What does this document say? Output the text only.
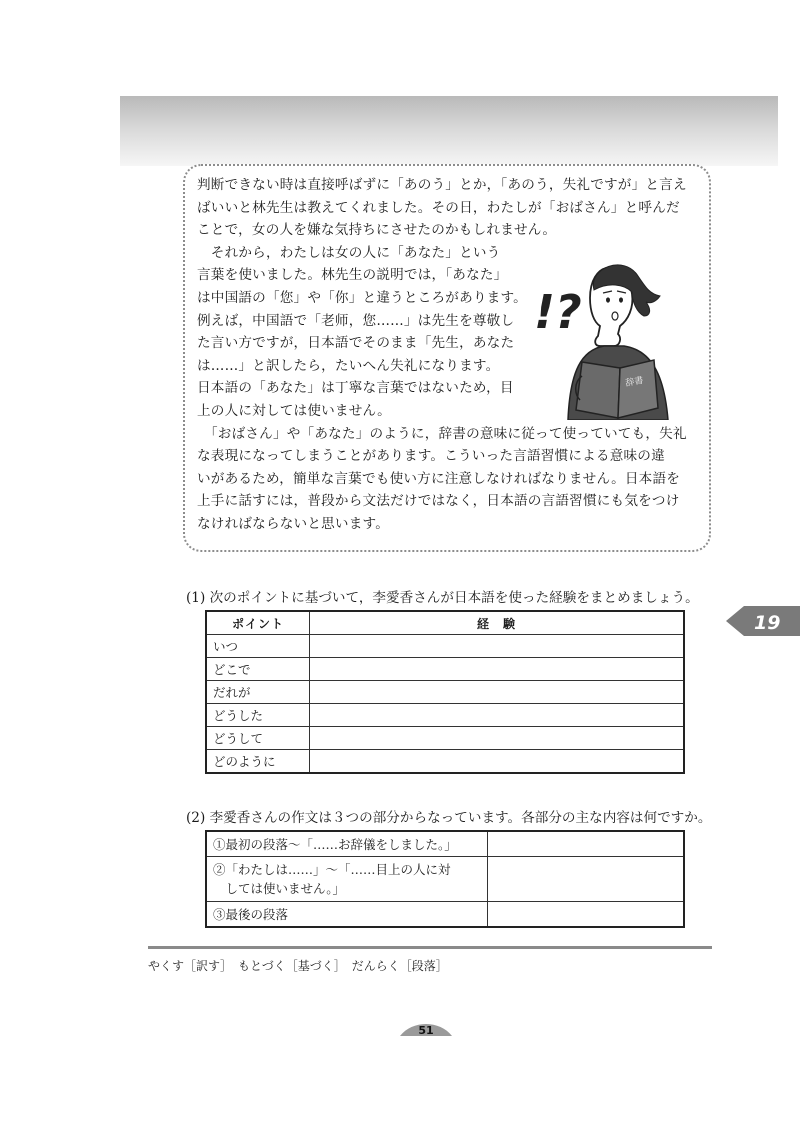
判断できない時は直接呼ばずに「あのう」とか，「あのう，失礼ですが」と言え
ばいいと林先生は教えてくれました。その日，わたしが「おばさん」と呼んだ
ことで，女の人を嫌な気持ちにさせたのかもしれません。
　それから，わたしは女の人に「あなた」という
言葉を使いました。林先生の説明では，「あなた」
は中国語の「您」や「你」と違うところがあります。
例えば，中国語で「老师，您……」は先生を尊敬し
た言い方ですが，日本語でそのまま「先生，あなた
は……」と訳したら，たいへん失礼になります。
日本語の「あなた」は丁寧な言葉ではないため，目
上の人に対しては使いません。
　「おばさん」や「あなた」のように，辞書の意味に従って使っていても，失礼
な表現になってしまうことがあります。こういった言語習慣による意味の違
いがあるため，簡単な言葉でも使い方に注意しなければなりません。日本語を
上手に話すには，普段から文法だけではなく，日本語の言語習慣にも気をつけ
なければならないと思います。
!?
辞書
(1) 次のポイントに基づいて，李愛香さんが日本語を使った経験をまとめましょう。
ポイント	経　験
いつ	
どこで	
だれが	
どうした	
どうして	
どのように	
19
(2) 李愛香さんの作文は３つの部分からなっています。各部分の主な内容は何ですか。
①最初の段落～「……お辞儀をしました。」	

②「わたしは……」～「……目上の人に対
　しては使いません。」	

③最後の段落	
やくす［訳す］　もとづく［基づく］　だんらく［段落］
51
